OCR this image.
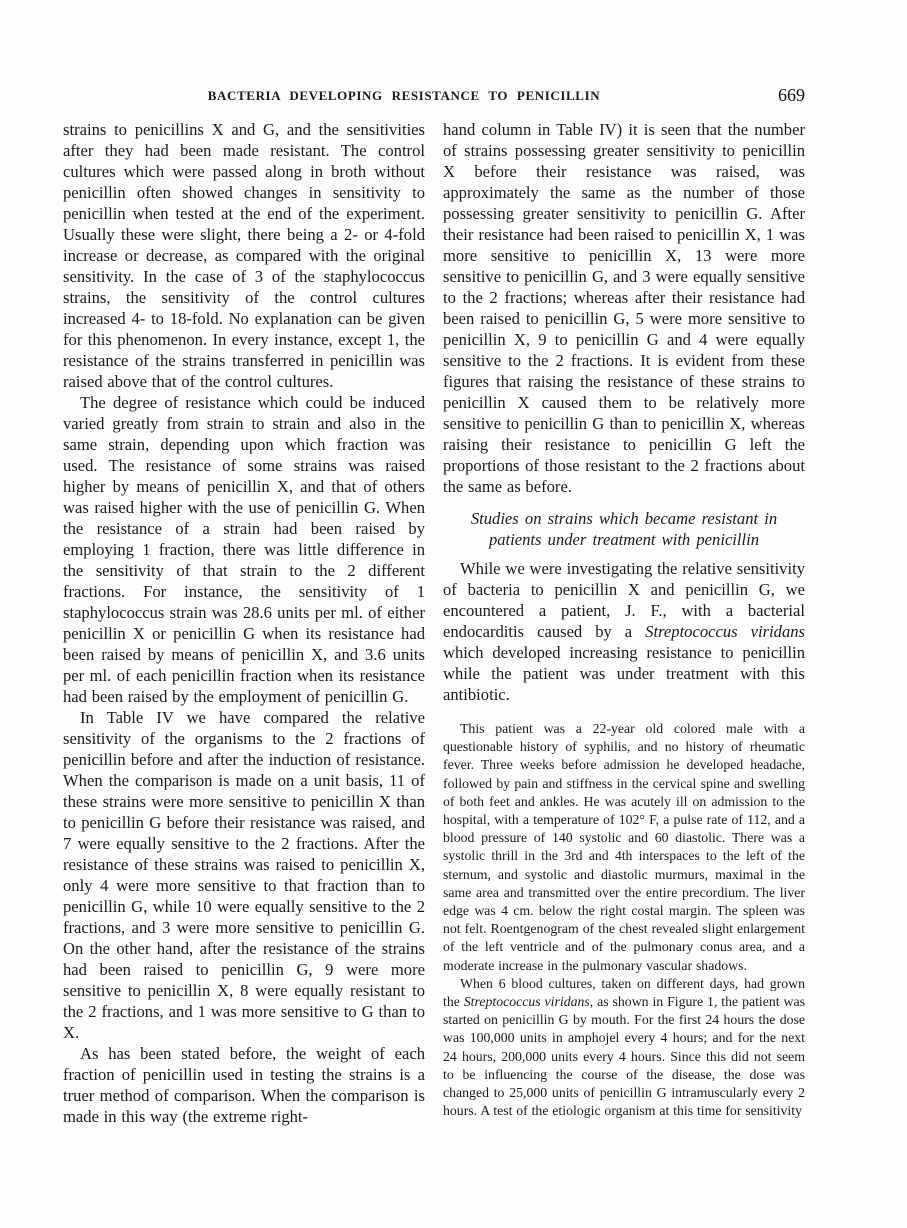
BACTERIA DEVELOPING RESISTANCE TO PENICILLIN	669

strains to penicillins X and G, and the sensitivities after they had been made resistant. The control cultures which were passed along in broth without penicillin often showed changes in sensitivity to penicillin when tested at the end of the experiment. Usually these were slight, there being a 2- or 4-fold increase or decrease, as compared with the original sensitivity. In the case of 3 of the staphylococcus strains, the sensitivity of the control cultures increased 4- to 18-fold. No explanation can be given for this phenomenon. In every instance, except 1, the resistance of the strains transferred in penicillin was raised above that of the control cultures.

The degree of resistance which could be induced varied greatly from strain to strain and also in the same strain, depending upon which fraction was used. The resistance of some strains was raised higher by means of penicillin X, and that of others was raised higher with the use of penicillin G. When the resistance of a strain had been raised by employing 1 fraction, there was little difference in the sensitivity of that strain to the 2 different fractions. For instance, the sensitivity of 1 staphylococcus strain was 28.6 units per ml. of either penicillin X or penicillin G when its resistance had been raised by means of penicillin X, and 3.6 units per ml. of each penicillin fraction when its resistance had been raised by the employment of penicillin G.

In Table IV we have compared the relative sensitivity of the organisms to the 2 fractions of penicillin before and after the induction of resistance. When the comparison is made on a unit basis, 11 of these strains were more sensitive to penicillin X than to penicillin G before their resistance was raised, and 7 were equally sensitive to the 2 fractions. After the resistance of these strains was raised to penicillin X, only 4 were more sensitive to that fraction than to penicillin G, while 10 were equally sensitive to the 2 fractions, and 3 were more sensitive to penicillin G. On the other hand, after the resistance of the strains had been raised to penicillin G, 9 were more sensitive to penicillin X, 8 were equally resistant to the 2 fractions, and 1 was more sensitive to G than to X.

As has been stated before, the weight of each fraction of penicillin used in testing the strains is a truer method of comparison. When the comparison is made in this way (the extreme right-

hand column in Table IV) it is seen that the number of strains possessing greater sensitivity to penicillin X before their resistance was raised, was approximately the same as the number of those possessing greater sensitivity to penicillin G. After their resistance had been raised to penicillin X, 1 was more sensitive to penicillin X, 13 were more sensitive to penicillin G, and 3 were equally sensitive to the 2 fractions; whereas after their resistance had been raised to penicillin G, 5 were more sensitive to penicillin X, 9 to penicillin G and 4 were equally sensitive to the 2 fractions. It is evident from these figures that raising the resistance of these strains to penicillin X caused them to be relatively more sensitive to penicillin G than to penicillin X, whereas raising their resistance to penicillin G left the proportions of those resistant to the 2 fractions about the same as before.

Studies on strains which became resistant in patients under treatment with penicillin

While we were investigating the relative sensitivity of bacteria to penicillin X and penicillin G, we encountered a patient, J. F., with a bacterial endocarditis caused by a Streptococcus viridans which developed increasing resistance to penicillin while the patient was under treatment with this antibiotic.

This patient was a 22-year old colored male with a questionable history of syphilis, and no history of rheumatic fever. Three weeks before admission he developed headache, followed by pain and stiffness in the cervical spine and swelling of both feet and ankles. He was acutely ill on admission to the hospital, with a temperature of 102° F, a pulse rate of 112, and a blood pressure of 140 systolic and 60 diastolic. There was a systolic thrill in the 3rd and 4th interspaces to the left of the sternum, and systolic and diastolic murmurs, maximal in the same area and transmitted over the entire precordium. The liver edge was 4 cm. below the right costal margin. The spleen was not felt. Roentgenogram of the chest revealed slight enlargement of the left ventricle and of the pulmonary conus area, and a moderate increase in the pulmonary vascular shadows.

When 6 blood cultures, taken on different days, had grown the Streptococcus viridans, as shown in Figure 1, the patient was started on penicillin G by mouth. For the first 24 hours the dose was 100,000 units in amphojel every 4 hours; and for the next 24 hours, 200,000 units every 4 hours. Since this did not seem to be influencing the course of the disease, the dose was changed to 25,000 units of penicillin G intramuscularly every 2 hours. A test of the etiologic organism at this time for sensitivity
